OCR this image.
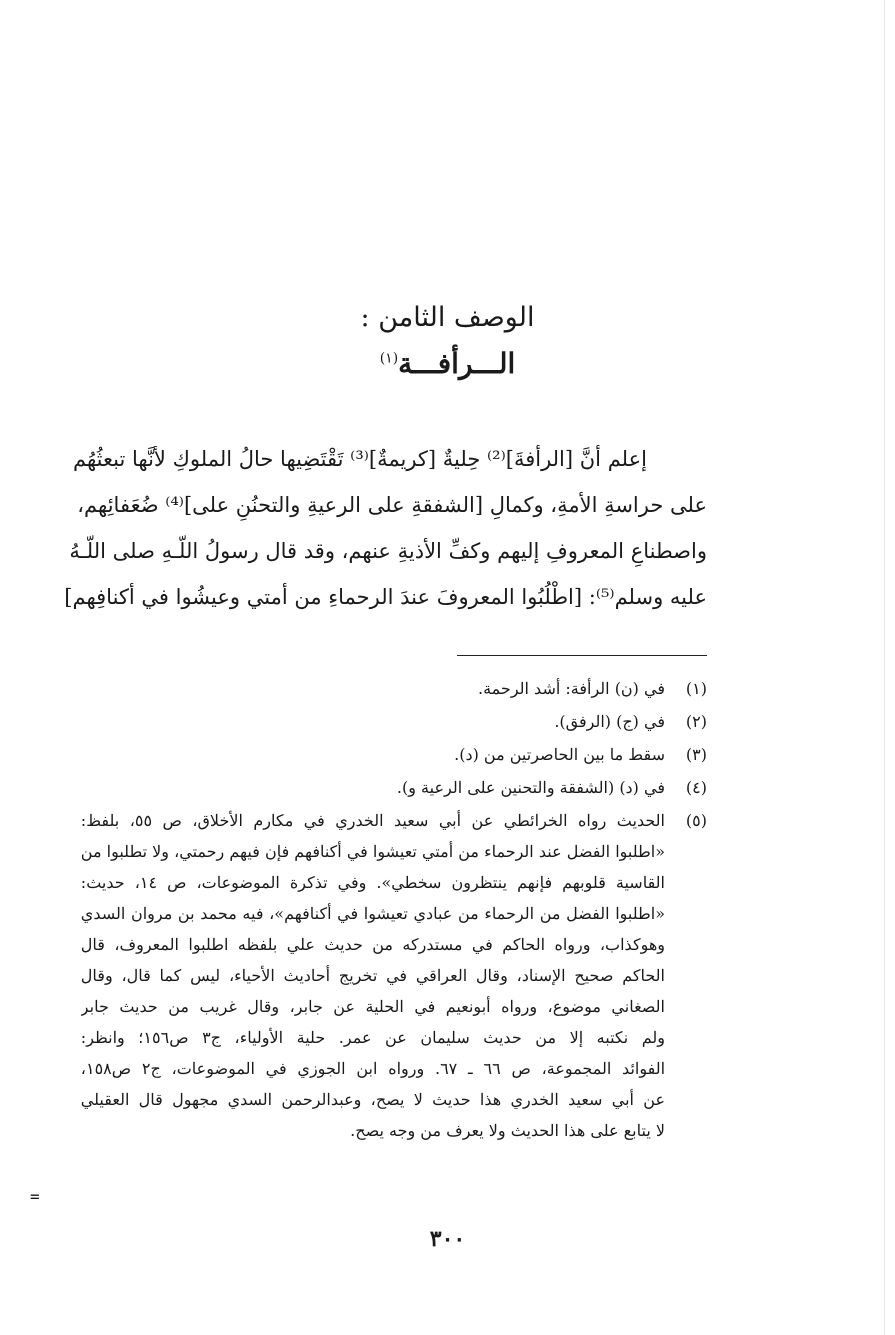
الوصف الثامن :
الـــرأفـــة$^{(١)}$
إعلم أنَّ [الرأفةَ]⁽²⁾ حِليةٌ [كريمةٌ]⁽³⁾ تَقْتَضِيها حالُ الملوكِ لأنَّها تبعثُهُم
على حراسةِ الأمةِ، وكمالِ [الشفقةِ على الرعيةِ والتحنُنِ على]⁽⁴⁾ ضُعَفائِهم،
واصطناعِ المعروفِ إليهم وكفِّ الأذيةِ عنهم، وقد قال رسولُ اللّـهِ صلى اللّـهُ
عليه وسلم⁽⁵⁾: [اطْلُبُوا المعروفَ عندَ الرحماءِ من أمتي وعيشُوا في أكنافِهم]
(١)
في (ن) الرأفة: أشد الرحمة.
(٢)
في (ج) (الرفق).
(٣)
سقط ما بين الحاصرتين من (د).
(٤)
في (د) (الشفقة والتحنين على الرعية و).
(٥)
الحديث رواه الخرائطي عن أبي سعيد الخدري في مكارم الأخلاق، ص ٥٥، بلفظ:
«اطلبوا الفضل عند الرحماء من أمتي تعيشوا في أكنافهم فإن فيهم رحمتي، ولا تطلبوا من
القاسية قلوبهم فإنهم ينتظرون سخطي». وفي تذكرة الموضوعات، ص ١٤، حديث:
«اطلبوا الفضل من الرحماء من عبادي تعيشوا في أكنافهم»، فيه محمد بن مروان السدي
وهوكذاب، ورواه الحاكم في مستدركه من حديث علي بلفظه اطلبوا المعروف، قال
الحاكم صحيح الإسناد، وقال العراقي في تخريج أحاديث الأحياء، ليس كما قال، وقال
الصغاني موضوع، ورواه أبونعيم في الحلية عن جابر، وقال غريب من حديث جابر
ولم نكتبه إلا من حديث سليمان عن عمر. حلية الأولياء، ج٣ ص١٥٦؛ وانظر:
الفوائد المجموعة، ص ٦٦ ـ ٦٧. ورواه ابن الجوزي في الموضوعات، ج٢ ص١٥٨،
عن أبي سعيد الخدري هذا حديث لا يصح، وعبدالرحمن السدي مجهول قال العقيلي
لا يتابع على هذا الحديث ولا يعرف من وجه يصح.
=
٣٠٠
